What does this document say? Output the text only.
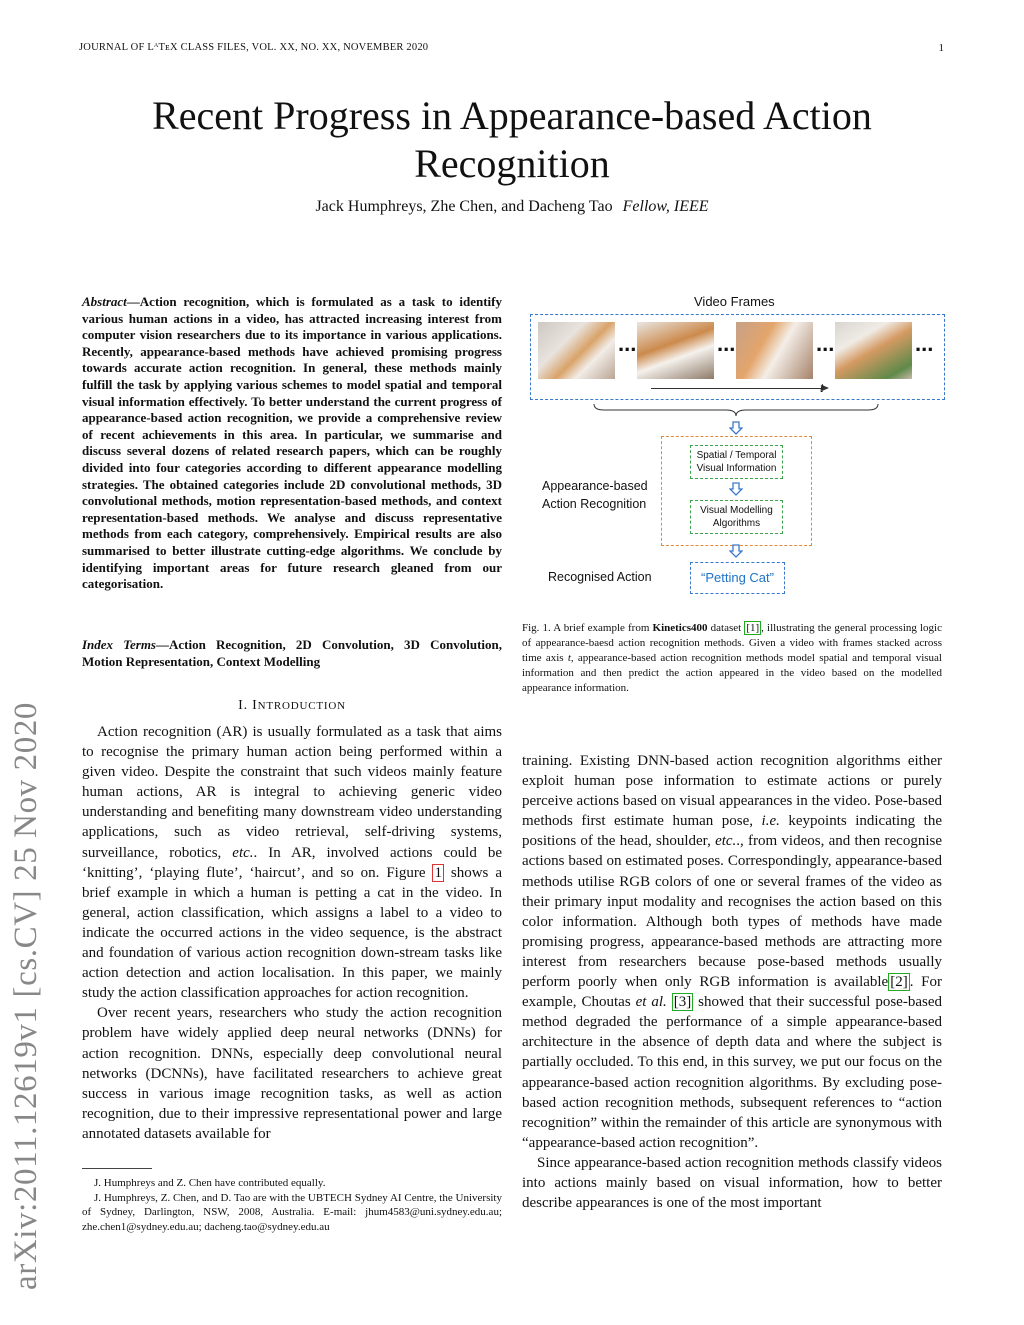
JOURNAL OF LᴬTᴇX CLASS FILES, VOL. XX, NO. XX, NOVEMBER 2020	1
Recent Progress in Appearance-based Action
Recognition
Jack Humphreys, Zhe Chen, and Dacheng Tao Fellow, IEEE
arXiv:2011.12619v1 [cs.CV] 25 Nov 2020
Abstract—Action recognition, which is formulated as a task to identify various human actions in a video, has attracted increasing interest from computer vision researchers due to its importance in various applications. Recently, appearance-based methods have achieved promising progress towards accurate action recognition. In general, these methods mainly fulfill the task by applying various schemes to model spatial and temporal visual information effectively. To better understand the current progress of appearance-based action recognition, we provide a comprehensive review of recent achievements in this area. In particular, we summarise and discuss several dozens of related research papers, which can be roughly divided into four categories according to different appearance modelling strategies. The obtained categories include 2D convolutional methods, 3D convolutional methods, motion representation-based methods, and context representation-based methods. We analyse and discuss representative methods from each category, comprehensively. Empirical results are also summarised to better illustrate cutting-edge algorithms. We conclude by identifying important areas for future research gleaned from our categorisation.
Index Terms—Action Recognition, 2D Convolution, 3D Convolution, Motion Representation, Context Modelling
I. INTRODUCTION

Action recognition (AR) is usually formulated as a task that aims to recognise the primary human action being performed within a given video. Despite the constraint that such videos mainly feature human actions, AR is integral to achieving generic video understanding and benefiting many downstream video understanding applications, such as video retrieval, self-driving systems, surveillance, robotics, etc.. In AR, involved actions could be ‘knitting’, ‘playing flute’, ‘haircut’, and so on. Figure 1 shows a brief example in which a human is petting a cat in the video. In general, action classification, which assigns a label to a video to indicate the occurred actions in the video sequence, is the abstract and foundation of various action recognition down-stream tasks like action detection and action localisation. In this paper, we mainly study the action classification approaches for action recognition.

Over recent years, researchers who study the action recognition problem have widely applied deep neural networks (DNNs) for action recognition. DNNs, especially deep convolutional neural networks (DCNNs), have facilitated researchers to achieve great success in various image recognition tasks, as well as action recognition, due to their impressive representational power and large annotated datasets available for

J. Humphreys and Z. Chen have contributed equally.

J. Humphreys, Z. Chen, and D. Tao are with the UBTECH Sydney AI Centre, the University of Sydney, Darlington, NSW, 2008, Australia. E-mail: jhum4583@uni.sydney.edu.au; zhe.chen1@sydney.edu.au; dacheng.tao@sydney.edu.au

Video Frames
...	...	...	...
t
Spatial / Temporal Visual Information
Visual Modelling Algorithms
Appearance-based Action Recognition
Recognised Action	“Petting Cat”
Fig. 1. A brief example from Kinetics400 dataset [1] , illustrating the general processing logic of appearance-baesd action recognition methods. Given a video with frames stacked across time axis t, appearance-based action recognition methods model spatial and temporal visual information and then predict the action appeared in the video based on the modelled appearance information.

training. Existing DNN-based action recognition algorithms either exploit human pose information to estimate actions or purely perceive actions based on visual appearances in the video. Pose-based methods first estimate human pose, i.e. keypoints indicating the positions of the head, shoulder, etc.., from videos, and then recognise actions based on estimated poses. Correspondingly, appearance-based methods utilise RGB colors of one or several frames of the video as their primary input modality and recognises the action based on this color information. Although both types of methods have made promising progress, appearance-based methods are attracting more interest from researchers because pose-based methods usually perform poorly when only RGB information is available [2] . For example, Choutas et al. [3] showed that their successful pose-based method degraded the performance of a simple appearance-based architecture in the absence of depth data and where the subject is partially occluded. To this end, in this survey, we put our focus on the appearance-based action recognition algorithms. By excluding pose-based action recognition methods, subsequent references to “action recognition” within the remainder of this article are synonymous with “appearance-based action recognition”.

Since appearance-based action recognition methods classify videos into actions mainly based on visual information, how to better describe appearances is one of the most important
